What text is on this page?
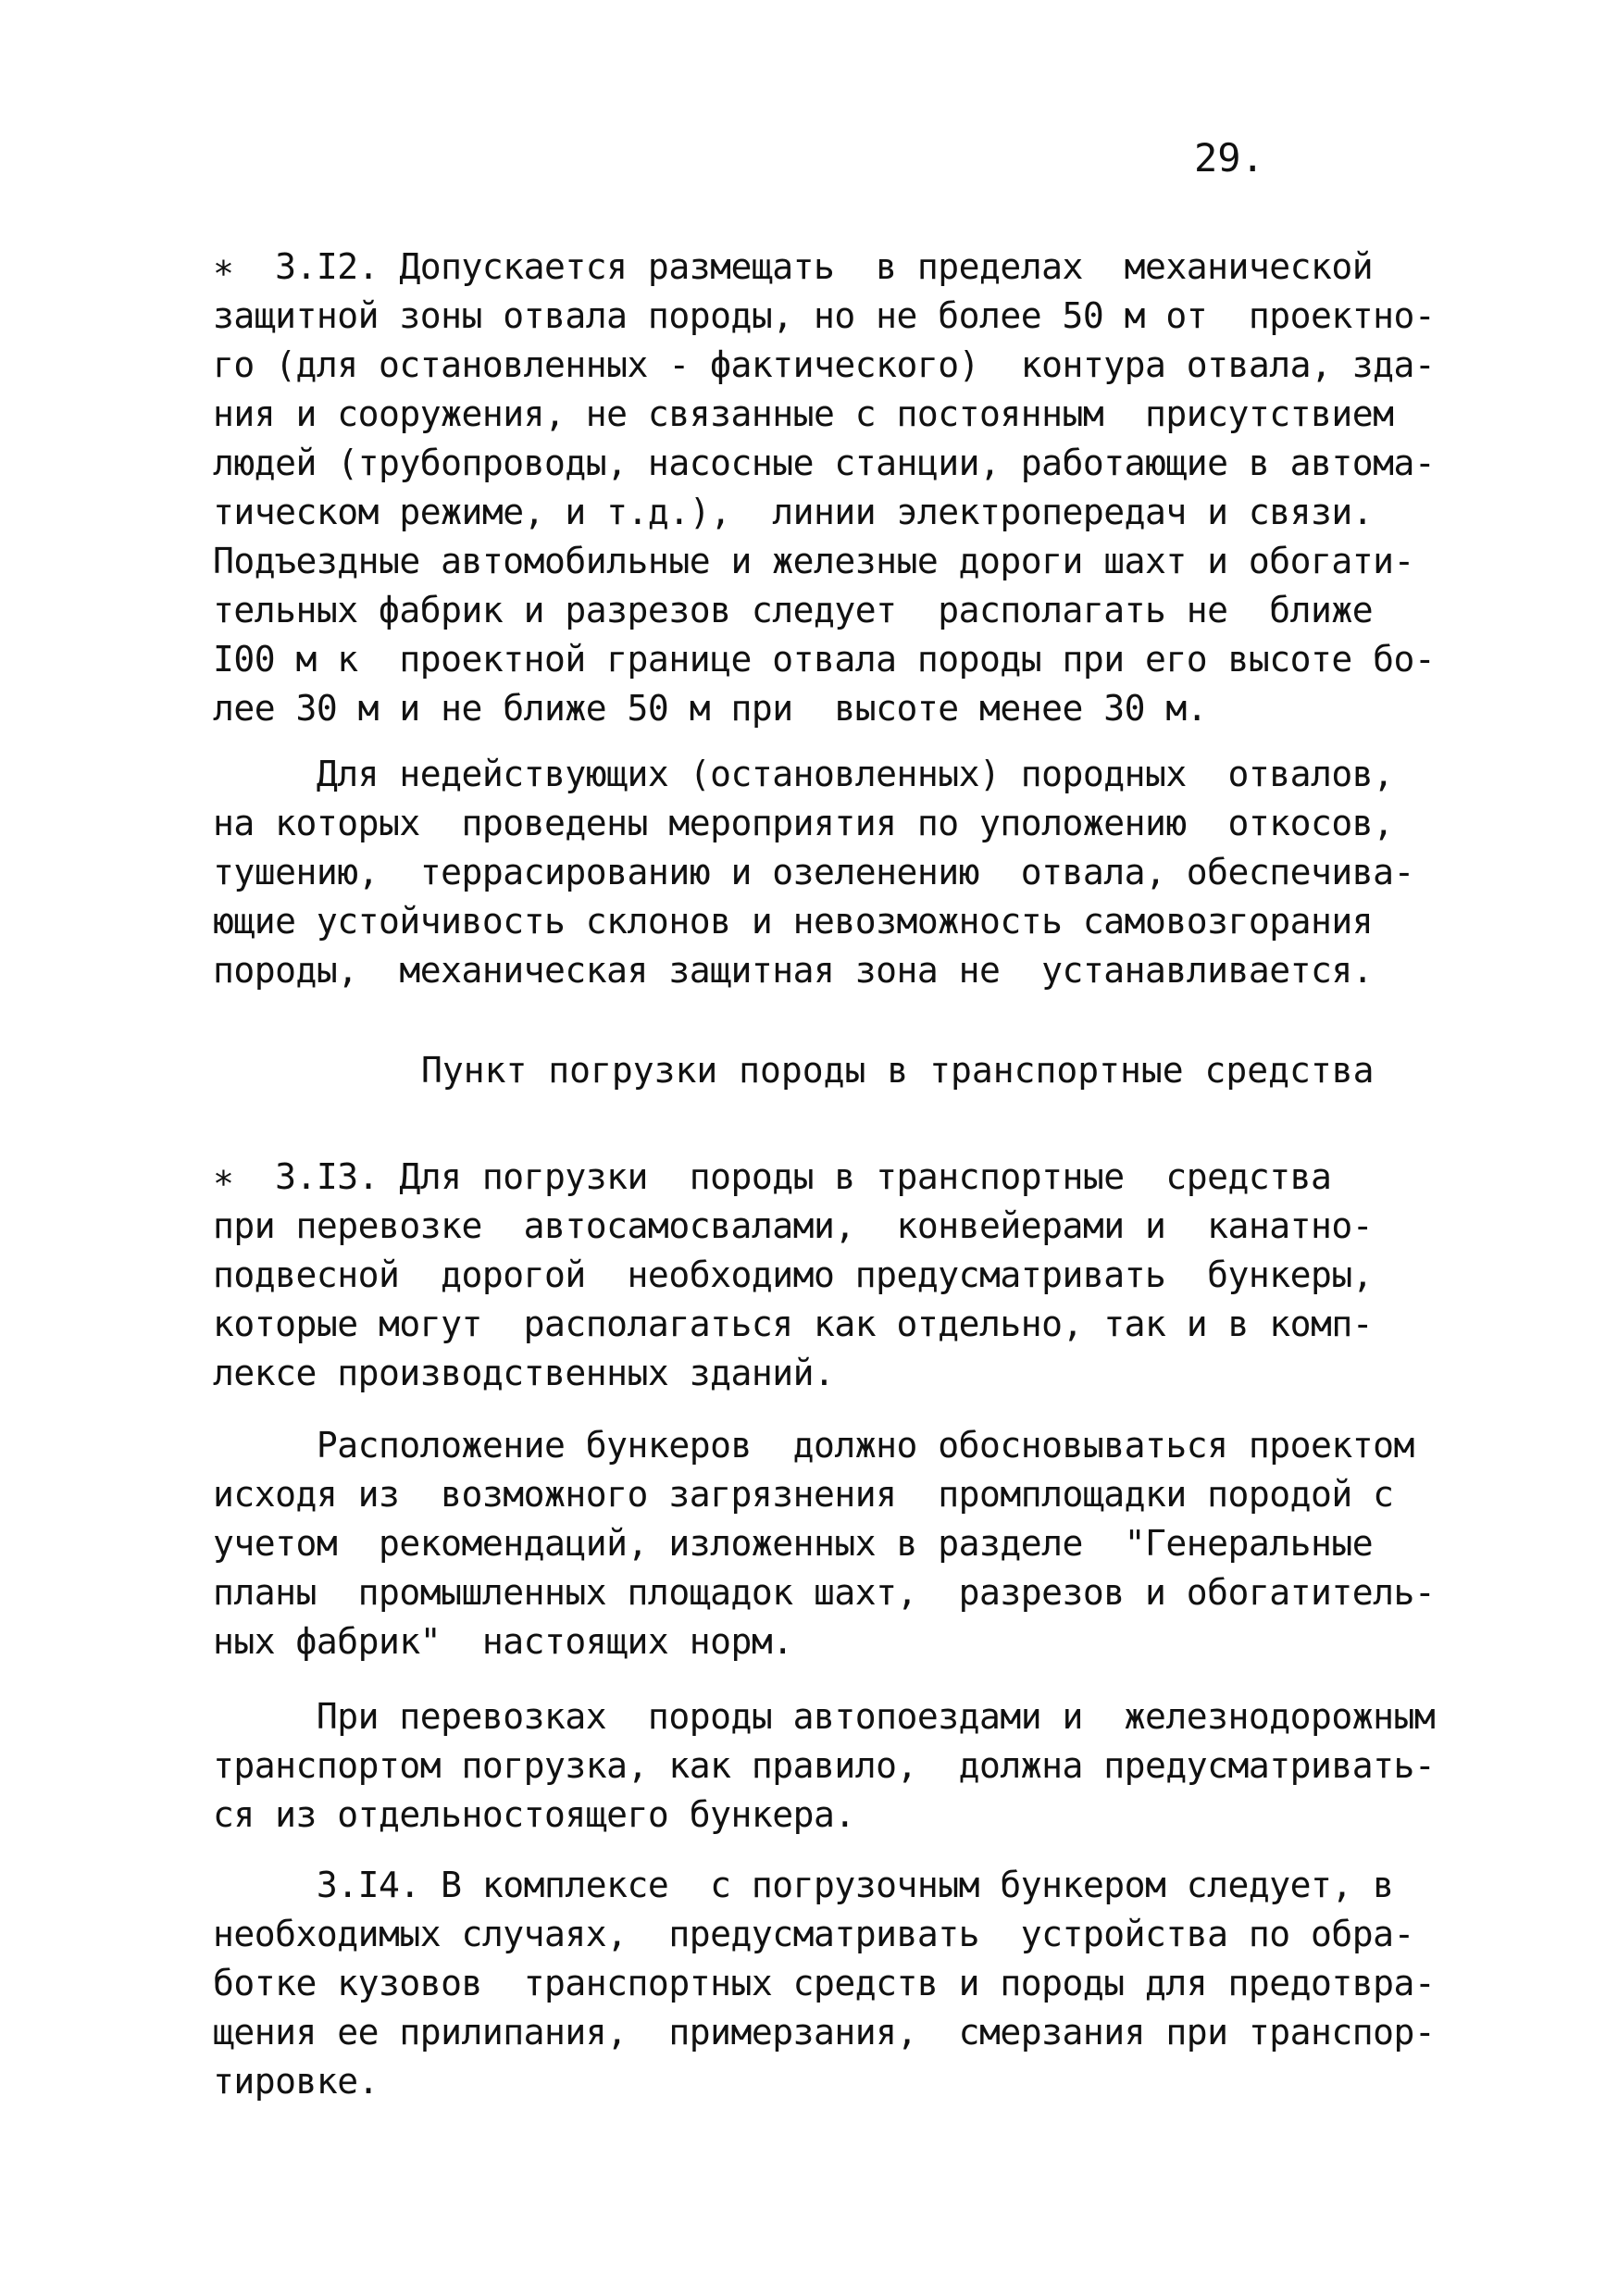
29.
∗  3.I2. Допускается размещать  в пределах  механической
защитной зоны отвала породы, но не более 50 м от  проектно-
го (для остановленных - фактического)  контура отвала, зда-
ния и сооружения, не связанные с постоянным  присутствием
людей (трубопроводы, насосные станции, работающие в автома-
тическом режиме, и т.д.),  линии электропередач и связи.
Подъездные автомобильные и железные дороги шахт и обогати-
тельных фабрик и разрезов следует  располагать не  ближе
I00 м к  проектной границе отвала породы при его высоте бо-
лее 30 м и не ближе 50 м при  высоте менее 30 м.
Для недействующих (остановленных) породных  отвалов,
на которых  проведены мероприятия по уположению  откосов,
тушению,  террасированию и озеленению  отвала, обеспечива-
ющие устойчивость склонов и невозможность самовозгорания
породы,  механическая защитная зона не  устанавливается.
Пункт погрузки породы в транспортные средства
∗  3.I3. Для погрузки  породы в транспортные  средства
при перевозке  автосамосвалами,  конвейерами и  канатно-
подвесной  дорогой  необходимо предусматривать  бункеры,
которые могут  располагаться как отдельно, так и в комп-
лексе производственных зданий.
Расположение бункеров  должно обосновываться проектом
исходя из  возможного загрязнения  промплощадки породой с
учетом  рекомендаций, изложенных в разделе  "Генеральные
планы  промышленных площадок шахт,  разрезов и обогатитель-
ных фабрик"  настоящих норм.
При перевозках  породы автопоездами и  железнодорожным
транспортом погрузка, как правило,  должна предусматривать-
ся из отдельностоящего бункера.
3.I4. В комплексе  с погрузочным бункером следует, в
необходимых случаях,  предусматривать  устройства по обра-
ботке кузовов  транспортных средств и породы для предотвра-
щения ее прилипания,  примерзания,  смерзания при транспор-
тировке.
